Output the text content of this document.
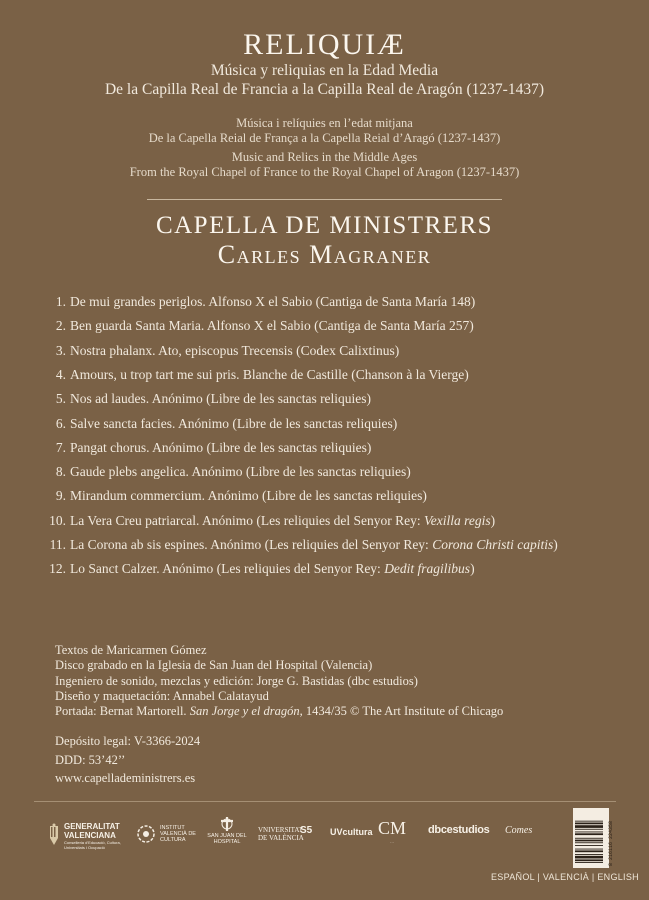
RELIQUIÆ
Música y reliquias en la Edad Media
De la Capilla Real de Francia a la Capilla Real de Aragón (1237-1437)
Música i relíquies en l’edat mitjana
De la Capella Reial de França a la Capella Reial d’Aragó (1237-1437)
Music and Relics in the Middle Ages
From the Royal Chapel of France to the Royal Chapel of Aragon (1237-1437)
CAPELLA DE MINISTRERS
Carles Magraner
1. De mui grandes periglos. Alfonso X el Sabio (Cantiga de Santa María 148)
2. Ben guarda Santa Maria. Alfonso X el Sabio (Cantiga de Santa María 257)
3. Nostra phalanx. Ato, episcopus Trecensis (Codex Calixtinus)
4. Amours, u trop tart me sui pris. Blanche de Castille (Chanson à la Vierge)
5. Nos ad laudes. Anónimo (Libre de les sanctas reliquies)
6. Salve sancta facies. Anónimo (Libre de les sanctas reliquies)
7. Pangat chorus. Anónimo (Libre de les sanctas reliquies)
8. Gaude plebs angelica. Anónimo (Libre de les sanctas reliquies)
9. Mirandum commercium. Anónimo (Libre de les sanctas reliquies)
10. La Vera Creu patriarcal. Anónimo (Les reliquies del Senyor Rey: Vexilla regis)
11. La Corona ab sis espines. Anónimo (Les reliquies del Senyor Rey: Corona Christi capitis)
12. Lo Sanct Calzer. Anónimo (Les reliquies del Senyor Rey: Dedit fragilibus)
Textos de Maricarmen Gómez
Disco grabado en la Iglesia de San Juan del Hospital (Valencia)
Ingeniero de sonido, mezclas y edición: Jorge G. Bastidas (dbc estudios)
Diseño y maquetación: Annabel Calatayud
Portada: Bernat Martorell. San Jorge y el dragón, 1434/35 © The Art Institute of Chicago
Depósito legal: V-3366-2024
DDD: 53’42’’
www.capelladeministrers.es
GENERALITAT VALENCIANA
Conselleria d'Educació, Cultura, Universitats i Ocupació
INSTITUT VALENCIÀ DE CULTURA
SAN JUAN DEL HOSPITAL
VNIVERSITAT DE VALÈNCIA
S5 UVcultura CM
···
dbcestudios Comes	8 216116 224358
ESPAÑOL | VALENCIÀ | ENGLISH
